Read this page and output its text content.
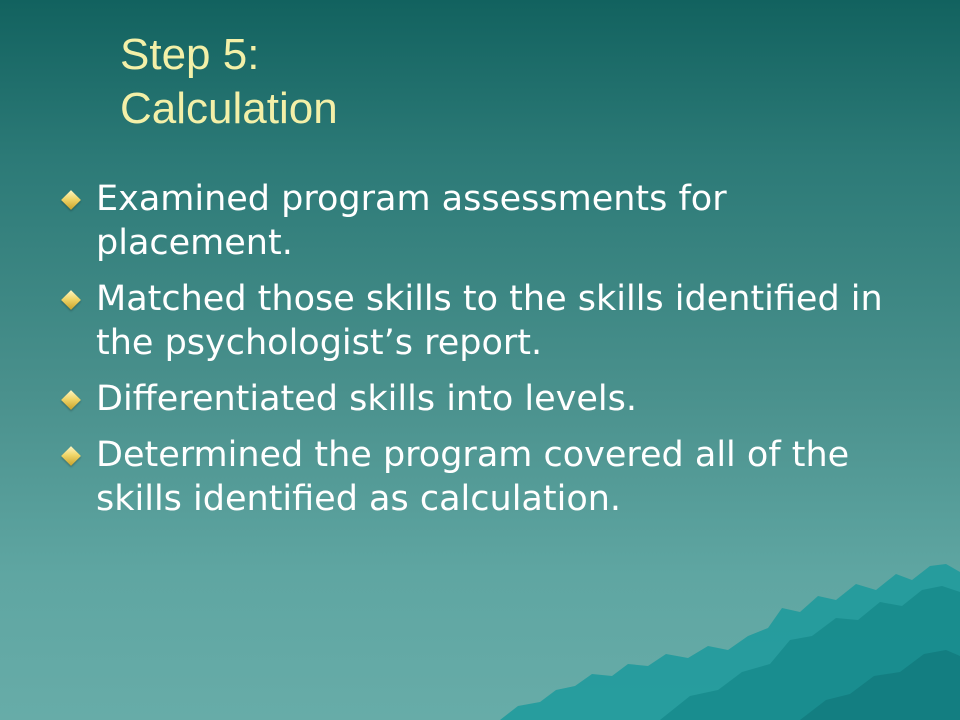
Step 5:
Calculation
Examined program assessments for placement.
Matched those skills to the skills identified in the psychologist’s report.
Differentiated skills into levels.
Determined the program covered all of the skills identified as calculation.
